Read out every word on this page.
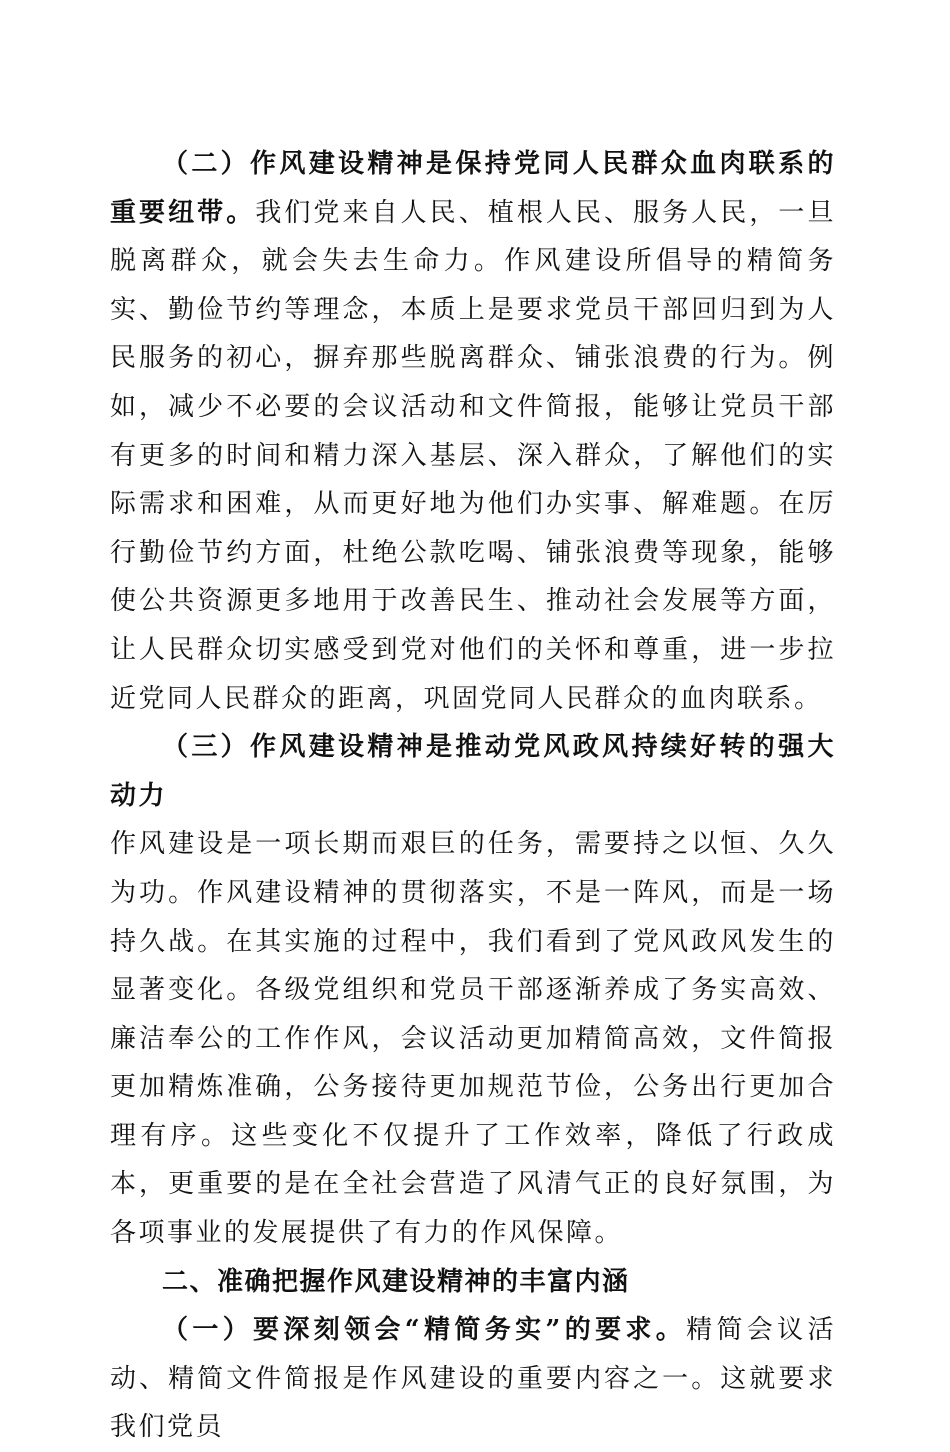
（二）作风建设精神是保持党同人民群众血肉联系的重要纽带。我们党来自人民、植根人民、服务人民，一旦脱离群众，就会失去生命力。作风建设所倡导的精简务实、勤俭节约等理念，本质上是要求党员干部回归到为人民服务的初心，摒弃那些脱离群众、铺张浪费的行为。例如，减少不必要的会议活动和文件简报，能够让党员干部有更多的时间和精力深入基层、深入群众，了解他们的实际需求和困难，从而更好地为他们办实事、解难题。在厉行勤俭节约方面，杜绝公款吃喝、铺张浪费等现象，能够使公共资源更多地用于改善民生、推动社会发展等方面，让人民群众切实感受到党对他们的关怀和尊重，进一步拉近党同人民群众的距离，巩固党同人民群众的血肉联系。

（三）作风建设精神是推动党风政风持续好转的强大动力

作风建设是一项长期而艰巨的任务，需要持之以恒、久久为功。作风建设精神的贯彻落实，不是一阵风，而是一场持久战。在其实施的过程中，我们看到了党风政风发生的显著变化。各级党组织和党员干部逐渐养成了务实高效、廉洁奉公的工作作风，会议活动更加精简高效，文件简报更加精炼准确，公务接待更加规范节俭，公务出行更加合理有序。这些变化不仅提升了工作效率，降低了行政成本，更重要的是在全社会营造了风清气正的良好氛围，为各项事业的发展提供了有力的作风保障。

二、准确把握作风建设精神的丰富内涵

（一）要深刻领会“精简务实”的要求。精简会议活动、精简文件简报是作风建设的重要内容之一。这就要求我们党员
